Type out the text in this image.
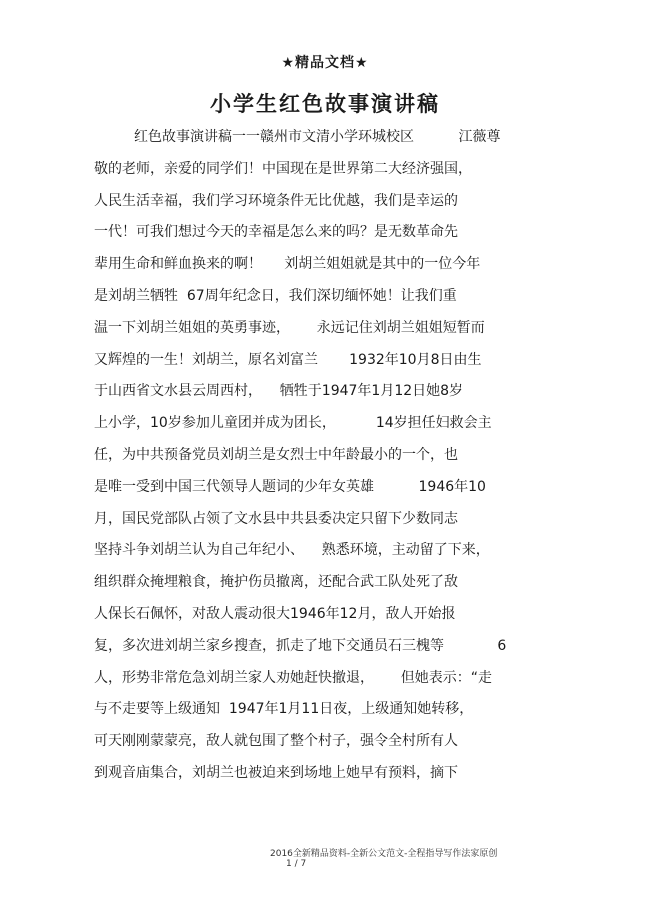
★精品文档★
小学生红色故事演讲稿
红色故事演讲稿一一赣州市文清小学环城校区          江薇尊
敬的老师，亲爱的同学们！中国现在是世界第二大经济强国，
人民生活幸福，我们学习环境条件无比优越，我们是幸运的
一代！可我们想过今天的幸福是怎么来的吗？是无数革命先
辈用生命和鲜血换来的啊！     刘胡兰姐姐就是其中的一位今年
是刘胡兰牺牲  67周年纪念日，我们深切缅怀她！让我们重
温一下刘胡兰姐姐的英勇事迹，      永远记住刘胡兰姐姐短暂而
又辉煌的一生！刘胡兰，原名刘富兰       1932年10月8日由生
于山西省文水县云周西村，    牺牲于1947年1月12日她8岁
上小学，10岁参加儿童团并成为团长，         14岁担任妇救会主
任，为中共预备党员刘胡兰是女烈士中年龄最小的一个，也
是唯一受到中国三代领导人题词的少年女英雄          1946年10
月，国民党部队占领了文水县中共县委决定只留下少数同志
坚持斗争刘胡兰认为自己年纪小、    熟悉环境，主动留了下来，
组织群众掩埋粮食，掩护伤员撤离，还配合武工队处死了敌
人保长石佩怀，对敌人震动很大1946年12月，敌人开始报
复，多次进刘胡兰家乡搜查，抓走了地下交通员石三槐等            6
人，形势非常危急刘胡兰家人劝她赶快撤退，      但她表示：“走
与不走要等上级通知  1947年1月11日夜，上级通知她转移，
可天刚刚蒙蒙亮，敌人就包围了整个村子，强令全村所有人
到观音庙集合，刘胡兰也被迫来到场地上她早有预料，摘下
2016全新精品资料-全新公文范文-全程指导写作法家原创
1 / 7
